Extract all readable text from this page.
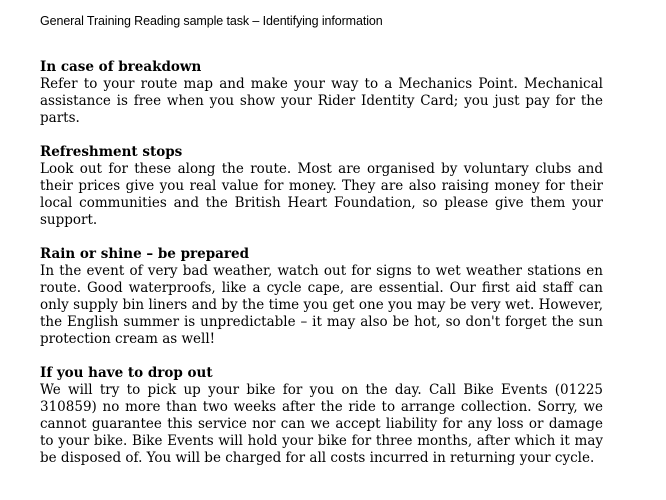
General Training Reading sample task – Identifying information
In case of breakdown

Refer to your route map and make your way to a Mechanics Point. Mechanical assistance is free when you show your Rider Identity Card; you just pay for the parts.

Refreshment stops

Look out for these along the route. Most are organised by voluntary clubs and their prices give you real value for money. They are also raising money for their local communities and the British Heart Foundation, so please give them your support.

Rain or shine – be prepared

In the event of very bad weather, watch out for signs to wet weather stations en route. Good waterproofs, like a cycle cape, are essential. Our first aid staff can only supply bin liners and by the time you get one you may be very wet. However, the English summer is unpredictable – it may also be hot, so don't forget the sun protection cream as well!

If you have to drop out

We will try to pick up your bike for you on the day. Call Bike Events (01225 310859) no more than two weeks after the ride to arrange collection. Sorry, we cannot guarantee this service nor can we accept liability for any loss or damage to your bike. Bike Events will hold your bike for three months, after which it may be disposed of. You will be charged for all costs incurred in returning your cycle.
